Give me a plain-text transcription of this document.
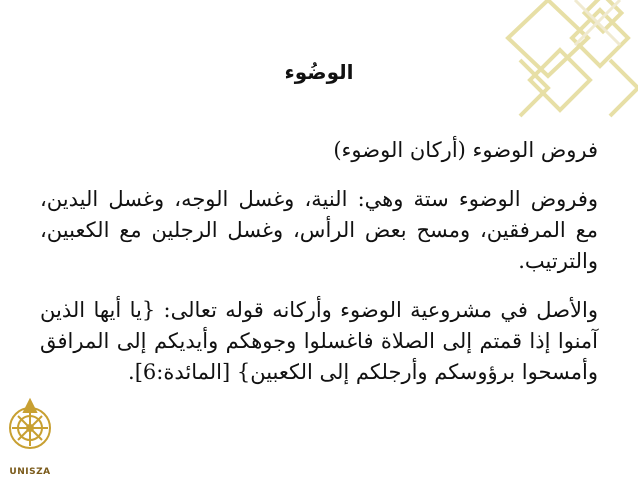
الوضُوء
فروض الوضوء (أركان الوضوء)
وفروض الوضوء ستة وهي: النية، وغسل الوجه، وغسل اليدين، مع المرفقين، ومسح بعض الرأس، وغسل الرجلين مع الكعبين، والترتيب.
والأصل في مشروعية الوضوء وأركانه قوله تعالى: {يا أيها الذين آمنوا إذا قمتم إلى الصلاة فاغسلوا وجوهكم وأيديكم إلى المرافق وأمسحوا برؤوسكم وأرجلكم إلى الكعبين} [المائدة:6].
UNISZA
